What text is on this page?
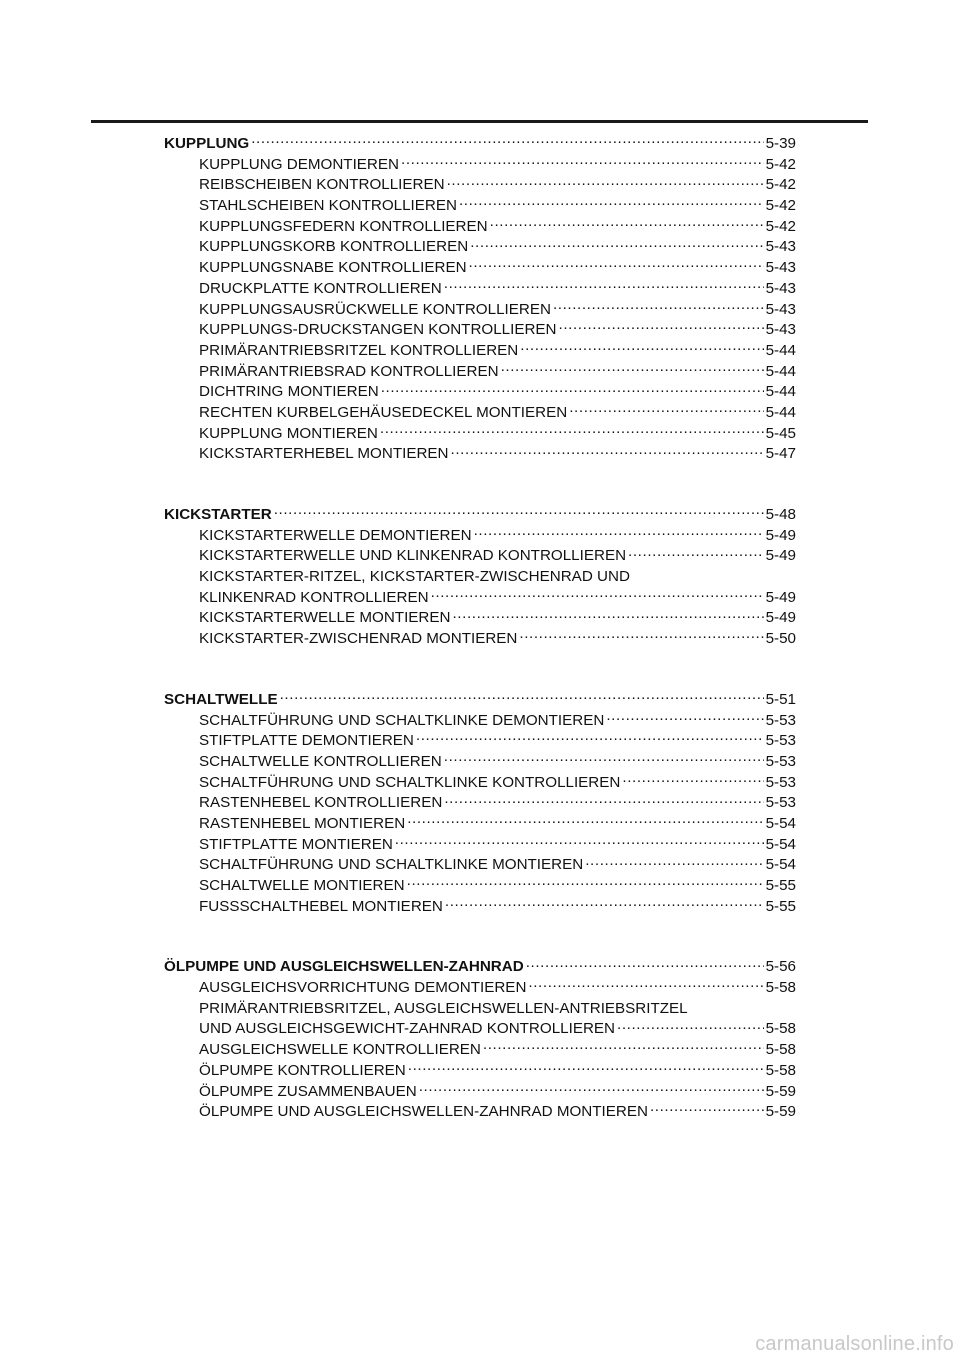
KUPPLUNG .....	5-39
KUPPLUNG DEMONTIEREN .....	5-42
REIBSCHEIBEN KONTROLLIEREN .....	5-42
STAHLSCHEIBEN KONTROLLIEREN .....	5-42
KUPPLUNGSFEDERN KONTROLLIEREN .....	5-42
KUPPLUNGSKORB KONTROLLIEREN .....	5-43
KUPPLUNGSNABE KONTROLLIEREN .....	5-43
DRUCKPLATTE KONTROLLIEREN .....	5-43
KUPPLUNGSAUSRÜCKWELLE KONTROLLIEREN .....	5-43
KUPPLUNGS-DRUCKSTANGEN KONTROLLIEREN .....	5-43
PRIMÄRANTRIEBSRITZEL KONTROLLIEREN .....	5-44
PRIMÄRANTRIEBSRAD KONTROLLIEREN .....	5-44
DICHTRING MONTIEREN .....	5-44
RECHTEN KURBELGEHÄUSEDECKEL MONTIEREN .....	5-44
KUPPLUNG MONTIEREN .....	5-45
KICKSTARTERHEBEL MONTIEREN .....	5-47
KICKSTARTER .....	5-48
KICKSTARTERWELLE DEMONTIEREN .....	5-49
KICKSTARTERWELLE UND KLINKENRAD KONTROLLIEREN .....	5-49
KICKSTARTER-RITZEL, KICKSTARTER-ZWISCHENRAD UND
KLINKENRAD KONTROLLIEREN .....	5-49
KICKSTARTERWELLE MONTIEREN .....	5-49
KICKSTARTER-ZWISCHENRAD MONTIEREN .....	5-50
SCHALTWELLE .....	5-51
SCHALTFÜHRUNG UND SCHALTKLINKE DEMONTIEREN .....	5-53
STIFTPLATTE DEMONTIEREN .....	5-53
SCHALTWELLE KONTROLLIEREN .....	5-53
SCHALTFÜHRUNG UND SCHALTKLINKE KONTROLLIEREN .....	5-53
RASTENHEBEL KONTROLLIEREN .....	5-53
RASTENHEBEL MONTIEREN .....	5-54
STIFTPLATTE MONTIEREN .....	5-54
SCHALTFÜHRUNG UND SCHALTKLINKE MONTIEREN .....	5-54
SCHALTWELLE MONTIEREN .....	5-55
FUSSSCHALTHEBEL MONTIEREN .....	5-55
ÖLPUMPE UND AUSGLEICHSWELLEN-ZAHNRAD .....	5-56
AUSGLEICHSVORRICHTUNG DEMONTIEREN .....	5-58
PRIMÄRANTRIEBSRITZEL, AUSGLEICHSWELLEN-ANTRIEBSRITZEL
UND AUSGLEICHSGEWICHT-ZAHNRAD KONTROLLIEREN .....	5-58
AUSGLEICHSWELLE KONTROLLIEREN .....	5-58
ÖLPUMPE KONTROLLIEREN .....	5-58
ÖLPUMPE ZUSAMMENBAUEN .....	5-59
ÖLPUMPE UND AUSGLEICHSWELLEN-ZAHNRAD MONTIEREN .....	5-59
carmanualsonline.info
